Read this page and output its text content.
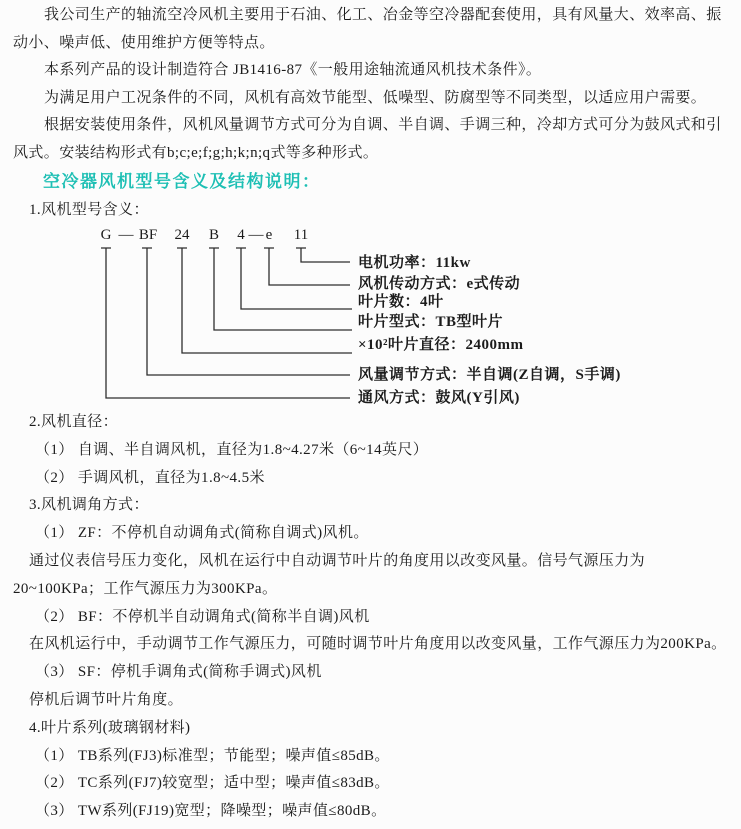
我公司生产的轴流空冷风机主要用于石油、化工、冶金等空冷器配套使用，具有风量大、效率高、振动小、噪声低、使用维护方便等特点。

本系列产品的设计制造符合 JB1416-87《一般用途轴流通风机技术条件》。

为满足用户工况条件的不同，风机有高效节能型、低噪型、防腐型等不同类型，以适应用户需要。

根据安装使用条件，风机风量调节方式可分为自调、半自调、手调三种，冷却方式可分为鼓风式和引风式。安装结构形式有b;c;e;f;g;h;k;n;q式等多种形式。

空冷器风机型号含义及结构说明：

1.风机型号含义：

G — BF 24 B 4 — e 11
电机功率：11kw
风机传动方式：e式传动
叶片数：4叶
叶片型式：TB型叶片
×10²叶片直径：2400mm
风量调节方式：半自调(Z自调，S手调)
通风方式：鼓风(Y引风)

2.风机直径：

（1） 自调、半自调风机，直径为1.8~4.27米（6~14英尺）

（2） 手调风机，直径为1.8~4.5米

3.风机调角方式：

（1） ZF：不停机自动调角式(简称自调式)风机。

通过仪表信号压力变化，风机在运行中自动调节叶片的角度用以改变风量。信号气源压力为20~100KPa；工作气源压力为300KPa。

（2） BF：不停机半自动调角式(简称半自调)风机

在风机运行中，手动调节工作气源压力，可随时调节叶片角度用以改变风量，工作气源压力为200KPa。

（3） SF：停机手调角式(简称手调式)风机

停机后调节叶片角度。

4.叶片系列(玻璃钢材料)

（1） TB系列(FJ3)标准型；节能型；噪声值≤85dB。

（2） TC系列(FJ7)较宽型；适中型；噪声值≤83dB。

（3） TW系列(FJ19)宽型；降噪型；噪声值≤80dB。
